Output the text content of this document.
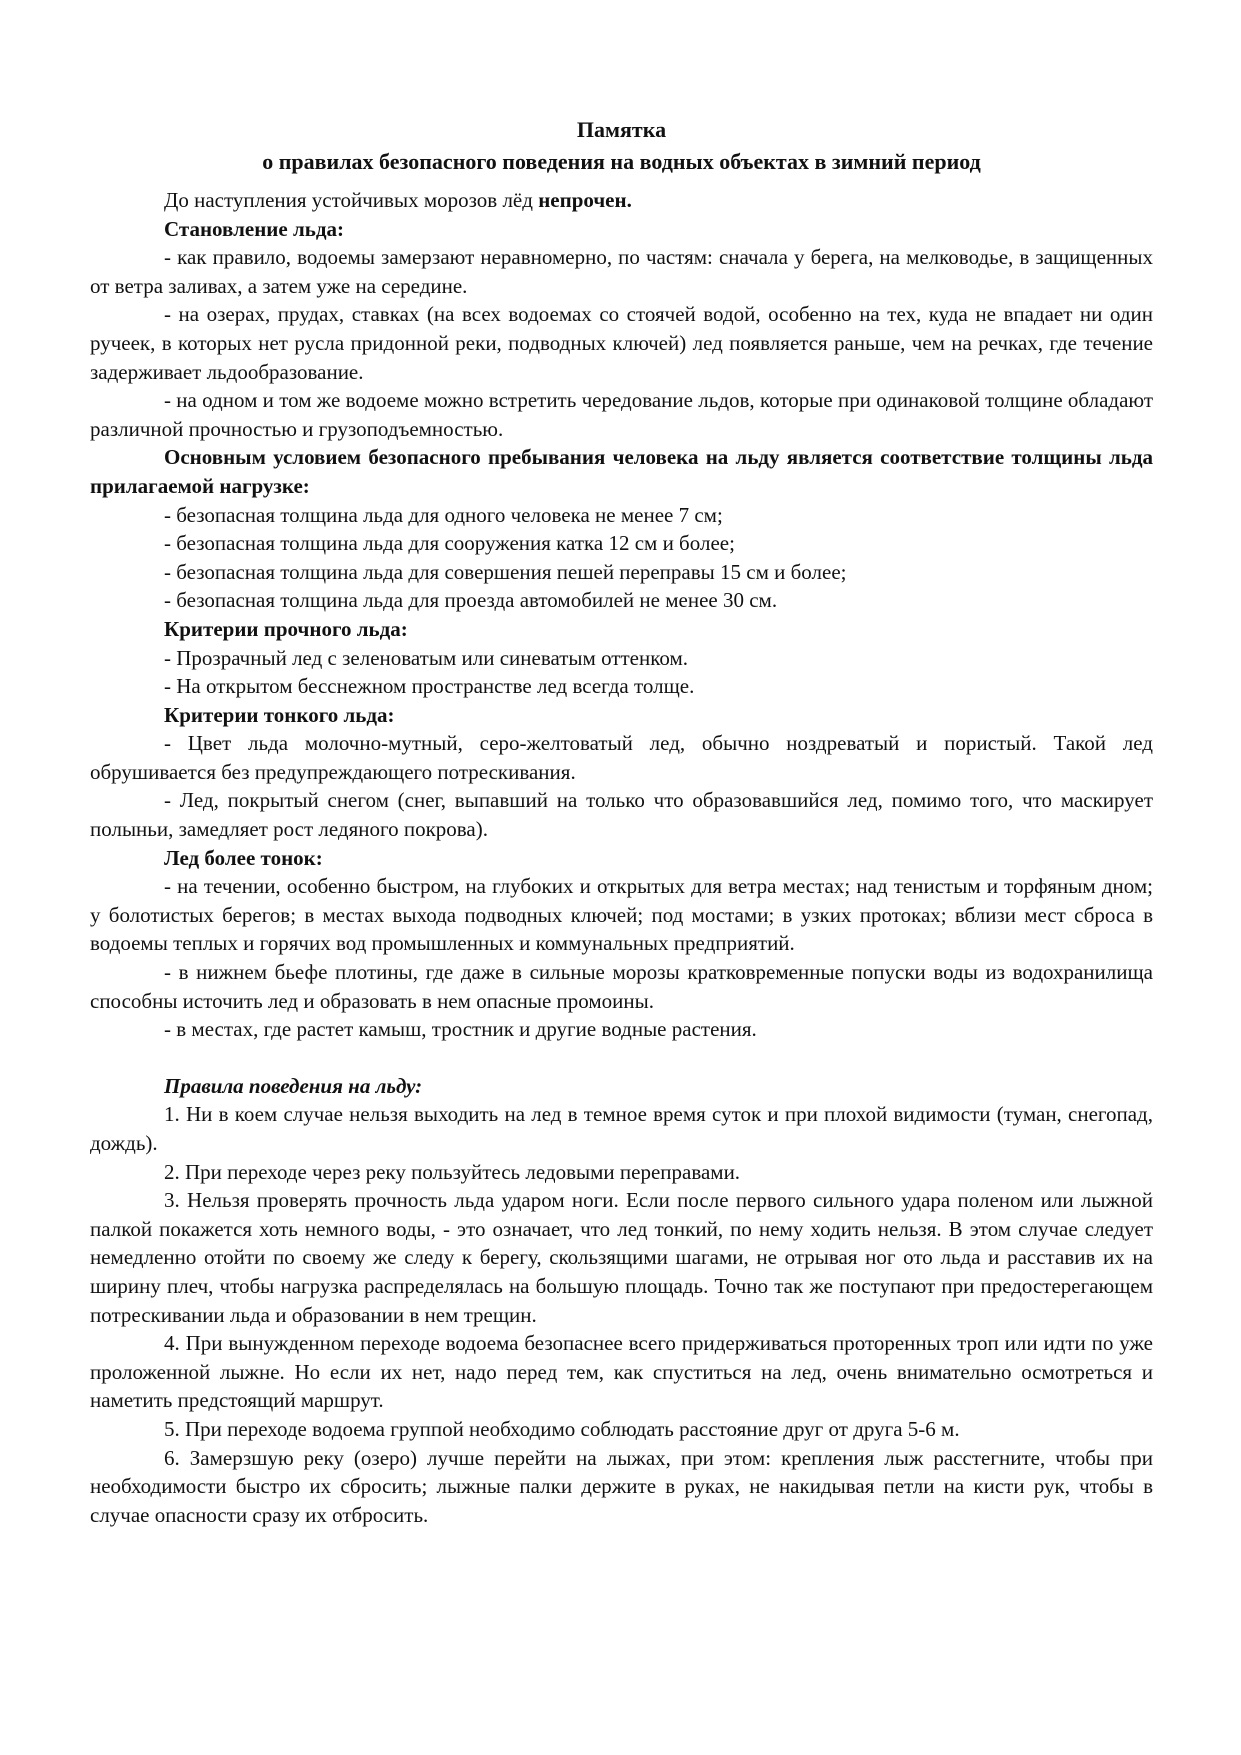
Памятка
о правилах безопасного поведения на водных объектах в зимний период

До наступления устойчивых морозов лёд непрочен.

Становление льда:

- как правило, водоемы замерзают неравномерно, по частям: сначала у берега, на мелководье, в защищенных от ветра заливах, а затем уже на середине.

- на озерах, прудах, ставках (на всех водоемах со стоячей водой, особенно на тех, куда не впадает ни один ручеек, в которых нет русла придонной реки, подводных ключей) лед появляется раньше, чем на речках, где течение задерживает льдообразование.

- на одном и том же водоеме можно встретить чередование льдов, которые при одинаковой толщине обладают различной прочностью и грузоподъемностью.

Основным условием безопасного пребывания человека на льду является соответствие толщины льда прилагаемой нагрузке:

- безопасная толщина льда для одного человека не менее 7 см;

- безопасная толщина льда для сооружения катка 12 см и более;

- безопасная толщина льда для совершения пешей переправы 15 см и более;

- безопасная толщина льда для проезда автомобилей не менее 30 см.

Критерии прочного льда:

- Прозрачный лед с зеленоватым или синеватым оттенком.

- На открытом бесснежном пространстве лед всегда толще.

Критерии тонкого льда:

- Цвет льда молочно-мутный, серо-желтоватый лед, обычно ноздреватый и пористый. Такой лед обрушивается без предупреждающего потрескивания.

- Лед, покрытый снегом (снег, выпавший на только что образовавшийся лед, помимо того, что маскирует полыньи, замедляет рост ледяного покрова).

Лед более тонок:

- на течении, особенно быстром, на глубоких и открытых для ветра местах; над тенистым и торфяным дном; у болотистых берегов; в местах выхода подводных ключей; под мостами; в узких протоках; вблизи мест сброса в водоемы теплых и горячих вод промышленных и коммунальных предприятий.

- в нижнем бьефе плотины, где даже в сильные морозы кратковременные попуски воды из водохранилища способны источить лед и образовать в нем опасные промоины.

- в местах, где растет камыш, тростник и другие водные растения.

Правила поведения на льду:

1. Ни в коем случае нельзя выходить на лед в темное время суток и при плохой видимости (туман, снегопад, дождь).

2. При переходе через реку пользуйтесь ледовыми переправами.

3. Нельзя проверять прочность льда ударом ноги. Если после первого сильного удара поленом или лыжной палкой покажется хоть немного воды, - это означает, что лед тонкий, по нему ходить нельзя. В этом случае следует немедленно отойти по своему же следу к берегу, скользящими шагами, не отрывая ног ото льда и расставив их на ширину плеч, чтобы нагрузка распределялась на большую площадь. Точно так же поступают при предостерегающем потрескивании льда и образовании в нем трещин.

4. При вынужденном переходе водоема безопаснее всего придерживаться проторенных троп или идти по уже проложенной лыжне. Но если их нет, надо перед тем, как спуститься на лед, очень внимательно осмотреться и наметить предстоящий маршрут.

5. При переходе водоема группой необходимо соблюдать расстояние друг от друга 5-6 м.

6. Замерзшую реку (озеро) лучше перейти на лыжах, при этом: крепления лыж расстегните, чтобы при необходимости быстро их сбросить; лыжные палки держите в руках, не накидывая петли на кисти рук, чтобы в случае опасности сразу их отбросить.
